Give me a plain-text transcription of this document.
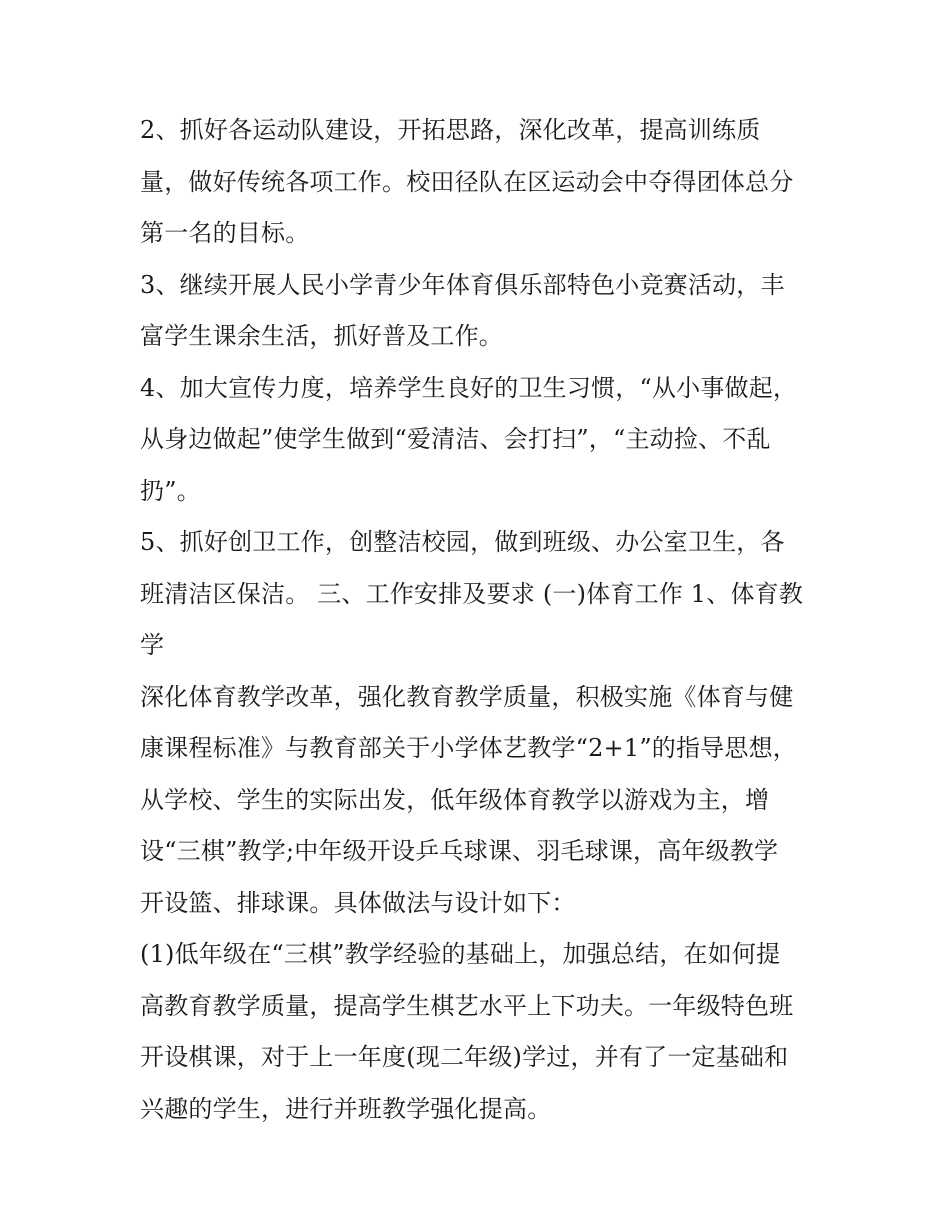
2、抓好各运动队建设，开拓思路，深化改革，提高训练质
量，做好传统各项工作。校田径队在区运动会中夺得团体总分
第一名的目标。
3、继续开展人民小学青少年体育俱乐部特色小竞赛活动，丰
富学生课余生活，抓好普及工作。
4、加大宣传力度，培养学生良好的卫生习惯，“从小事做起，
从身边做起”使学生做到“爱清洁、会打扫”，“主动捡、不乱
扔”。
5、抓好创卫工作，创整洁校园，做到班级、办公室卫生，各
班清洁区保洁。 三、工作安排及要求 (一)体育工作 1、体育教
学
深化体育教学改革，强化教育教学质量，积极实施《体育与健
康课程标准》与教育部关于小学体艺教学“2+1”的指导思想，
从学校、学生的实际出发，低年级体育教学以游戏为主，增
设“三棋”教学;中年级开设乒乓球课、羽毛球课，高年级教学
开设篮、排球课。具体做法与设计如下：
(1)低年级在“三棋”教学经验的基础上，加强总结，在如何提
高教育教学质量，提高学生棋艺水平上下功夫。一年级特色班
开设棋课，对于上一年度(现二年级)学过，并有了一定基础和
兴趣的学生，进行并班教学强化提高。
